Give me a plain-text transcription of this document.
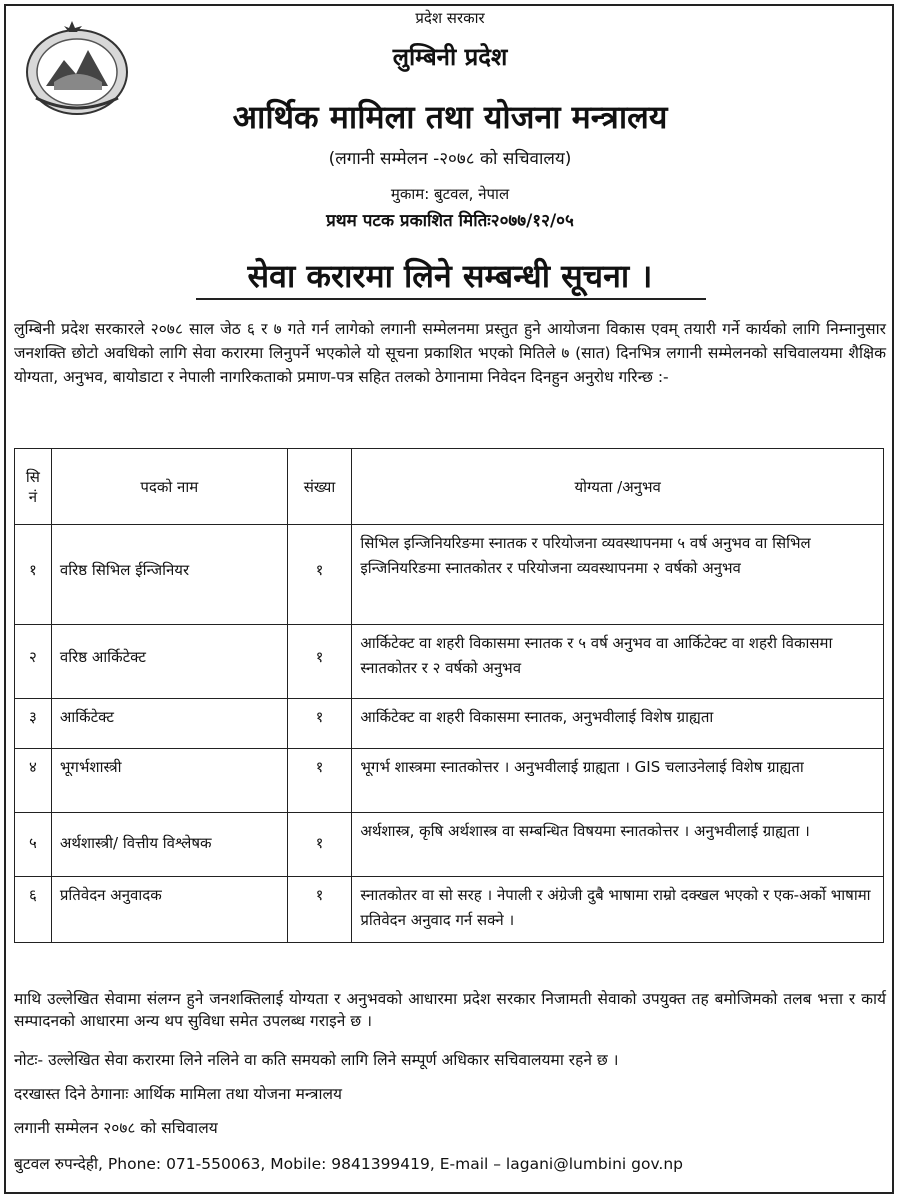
प्रदेश सरकार
लुम्बिनी प्रदेश
आर्थिक मामिला तथा योजना मन्त्रालय
(लगानी सम्मेलन -२०७८ को सचिवालय)
मुकाम: बुटवल, नेपाल
प्रथम पटक प्रकाशित मितिः२०७७/१२/०५
सेवा करारमा लिने सम्बन्धी सूचना ।
लुम्बिनी प्रदेश सरकारले २०७८ साल जेठ ६ र ७ गते गर्न लागेको लगानी सम्मेलनमा प्रस्तुत हुने आयोजना विकास एवम् तयारी गर्ने कार्यको लागि निम्नानुसार जनशक्ति छोटो अवधिको लागि सेवा करारमा लिनुपर्ने भएकोले यो सूचना प्रकाशित भएको मितिले ७ (सात) दिनभित्र लगानी सम्मेलनको सचिवालयमा शैक्षिक योग्यता, अनुभव, बायोडाटा र नेपाली नागरिकताको प्रमाण-पत्र सहित तलको ठेगानामा निवेदन दिनहुन अनुरोध गरिन्छ :-
सि
नं	पदको नाम	संख्या	योग्यता /अनुभव

१	वरिष्ठ सिभिल ईन्जिनियर	१	सिभिल इन्जिनियरिङमा स्नातक र परियोजना व्यवस्थापनमा ५ वर्ष अनुभव वा सिभिल इन्जिनियरिङमा स्नातकोतर र परियोजना व्यवस्थापनमा २ वर्षको अनुभव

२	वरिष्ठ आर्किटेक्ट	१	आर्किटेक्ट वा शहरी विकासमा स्नातक र ५ वर्ष अनुभव वा आर्किटेक्ट वा शहरी विकासमा स्नातकोतर र २ वर्षको अनुभव

३	आर्किटेक्ट	१	आर्किटेक्ट वा शहरी विकासमा स्नातक, अनुभवीलाई विशेष ग्राह्यता

४	भूगर्भशास्त्री	१	भूगर्भ शास्त्रमा स्नातकोत्तर । अनुभवीलाई ग्राह्यता । GIS चलाउनेलाई विशेष ग्राह्यता

५	अर्थशास्त्री/ वित्तीय विश्लेषक	१	अर्थशास्त्र, कृषि अर्थशास्त्र वा सम्बन्धित विषयमा स्नातकोत्तर । अनुभवीलाई ग्राह्यता ।

६	प्रतिवेदन अनुवादक	१	स्नातकोतर वा सो सरह । नेपाली र अंग्रेजी दुबै भाषामा राम्रो दक्खल भएको र एक-अर्को भाषामा प्रतिवेदन अनुवाद गर्न सक्ने ।
माथि उल्लेखित सेवामा संलग्न हुने जनशक्तिलाई योग्यता र अनुभवको आधारमा प्रदेश सरकार निजामती सेवाको उपयुक्त तह बमोजिमको तलब भत्ता र कार्य सम्पादनको आधारमा अन्य थप सुविधा समेत उपलब्ध गराइने छ ।
नोटः- उल्लेखित सेवा करारमा लिने नलिने वा कति समयको लागि लिने सम्पूर्ण अधिकार सचिवालयमा रहने छ ।
दरखास्त दिने ठेगानाः आर्थिक मामिला तथा योजना मन्त्रालय
लगानी सम्मेलन २०७८ को सचिवालय
बुटवल रुपन्देही, Phone: 071-550063, Mobile: 9841399419, E-mail – lagani@lumbini gov.np
